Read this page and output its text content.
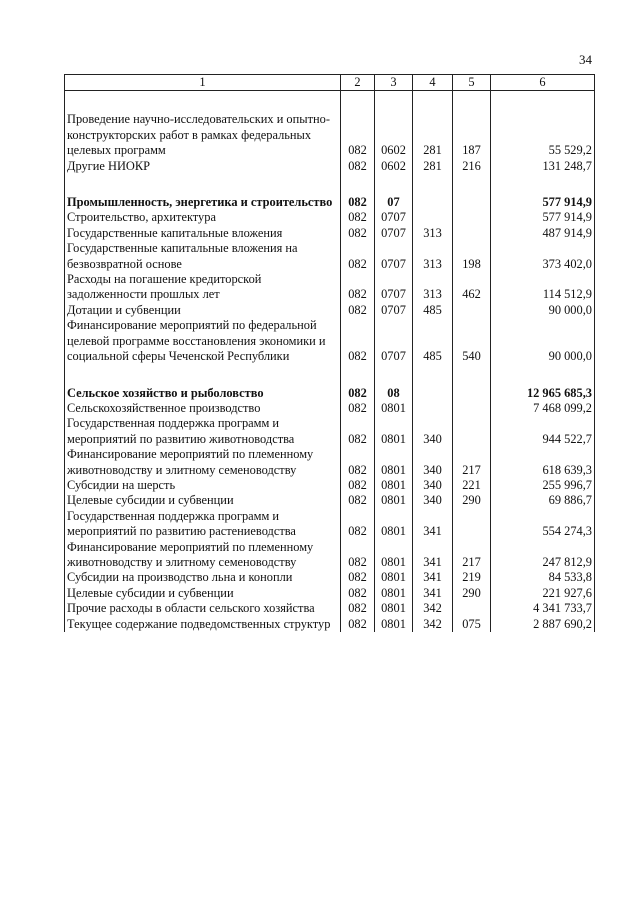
34
1	2	3	4	5	6

Проведение научно-исследовательских и опытно-конструкторских работ в рамках федеральных целевых программ	082	0602	281	187	55 529,2
Другие НИОКР	082	0602	281	216	131 248,7

Промышленность, энергетика и строительство	082	07			577 914,9
Строительство, архитектура	082	0707			577 914,9
Государственные капитальные вложения	082	0707	313		487 914,9
Государственные капитальные вложения на безвозвратной основе	082	0707	313	198	373 402,0
Расходы на погашение кредиторской задолженности прошлых лет	082	0707	313	462	114 512,9
Дотации и субвенции	082	0707	485		90 000,0
Финансирование мероприятий по федеральной целевой программе восстановления экономики и социальной сферы Чеченской Республики	082	0707	485	540	90 000,0

Сельское хозяйство и рыболовство	082	08			12 965 685,3
Сельскохозяйственное производство	082	0801			7 468 099,2
Государственная поддержка программ и мероприятий по развитию животноводства	082	0801	340		944 522,7
Финансирование мероприятий по племенному животноводству и элитному семеноводству	082	0801	340	217	618 639,3
Субсидии на шерсть	082	0801	340	221	255 996,7
Целевые субсидии и субвенции	082	0801	340	290	69 886,7
Государственная поддержка программ и мероприятий по развитию растениеводства	082	0801	341		554 274,3
Финансирование мероприятий по племенному животноводству и элитному семеноводству	082	0801	341	217	247 812,9
Субсидии на производство льна и конопли	082	0801	341	219	84 533,8
Целевые субсидии и субвенции	082	0801	341	290	221 927,6
Прочие расходы в области сельского хозяйства	082	0801	342		4 341 733,7
Текущее содержание подведомственных структур	082	0801	342	075	2 887 690,2
